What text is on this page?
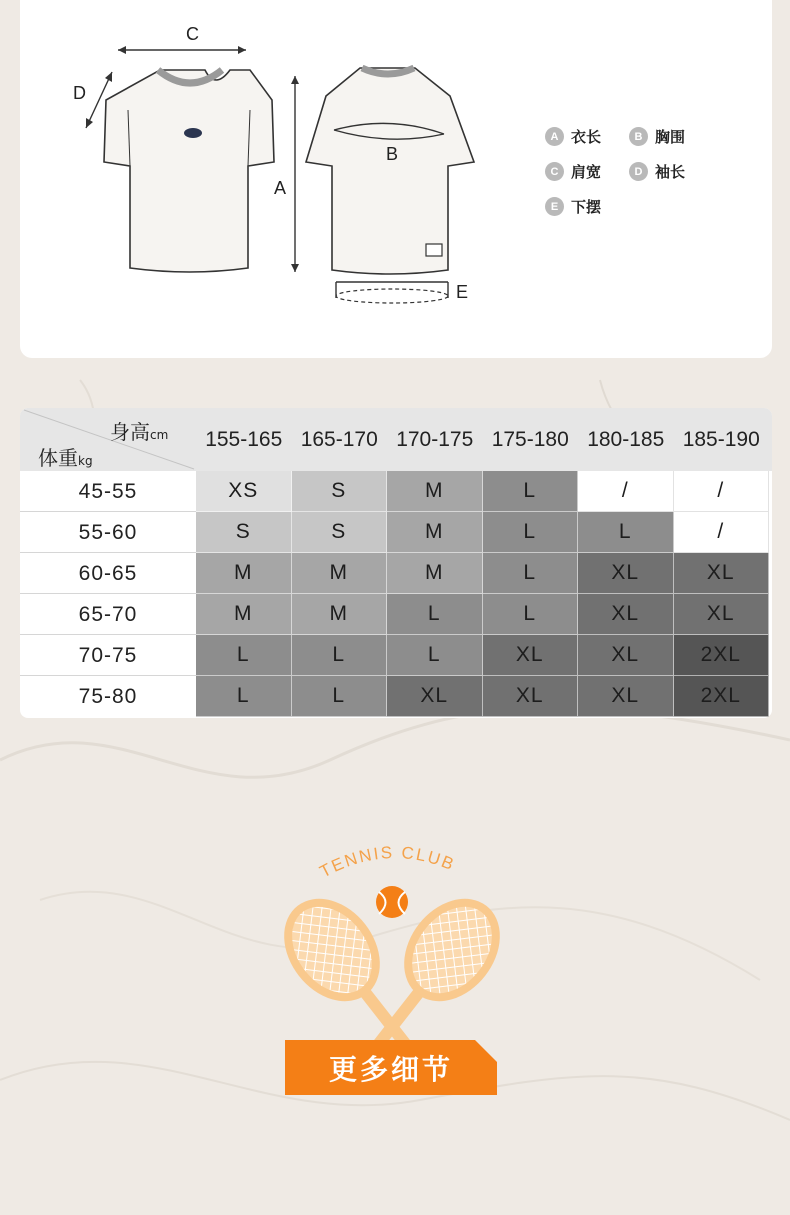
C
D
A
B
E
A 衣长	B 胸围
C 肩宽	D 袖长
E 下摆
身高cm
体重kg
155-165 165-170 170-175 175-180 180-185 185-190
45-55	XS	S	M	L	/	/
55-60	S	S	M	L	L	/
60-65	M	M	M	L	XL	XL
65-70	M	M	L	L	XL	XL
70-75	L	L	L	XL	XL	2XL
75-80	L	L	XL	XL	XL	2XL
TENNIS CLUB
更多细节
